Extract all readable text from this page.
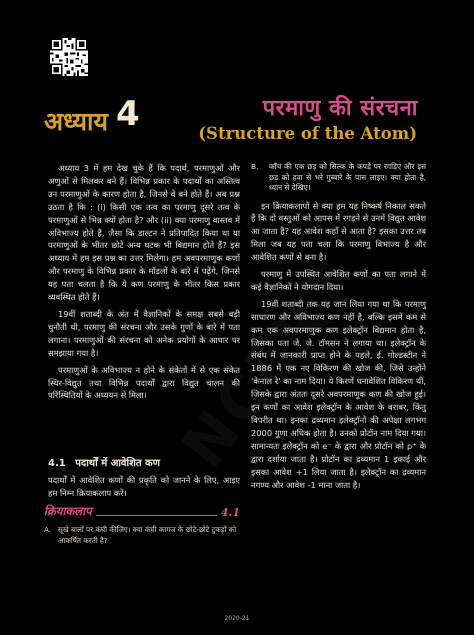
अध्याय 4	परमाणु की संरचना
(Structure of the Atom)

अध्याय 3 में हम देख चुके हैं कि पदार्थ, परमाणुओं और अणुओं से मिलकर बने हैं। विभिन्न प्रकार के पदार्थों का अस्तित्व उन परमाणुओं के कारण होता है, जिनसे वे बने होते हैं। अब प्रश्न उठता है कि : (i) किसी एक तत्व का परमाणु दूसरे तत्व के परमाणुओं से भिन्न क्यों होता है? और (ii) क्या परमाणु वास्तव में अविभाज्य होते हैं, जैसा कि डाल्टन ने प्रतिपादित किया था या परमाणुओं के भीतर छोटे अन्य घटक भी विद्यमान होते हैं? इस अध्याय में हम इस प्रश्न का उत्तर मिलेगा। हम अवपरमाणुक कणों और परमाणु के विभिन्न प्रकार के मॉडलों के बारे में पढ़ेंगे, जिनसे यह पता चलता है कि ये कण परमाणु के भीतर किस प्रकार व्यवस्थित होते हैं।

19वीं शताब्दी के अंत में वैज्ञानिकों के समक्ष सबसे बड़ी चुनौती थी, परमाणु की संरचना और उसके गुणों के बारे में पता लगाना। परमाणुओं की संरचना को अनेक प्रयोगों के आधार पर समझाया गया है।

परमाणुओं के अविभाज्य न होने के संकेतों में से एक संकेत स्थिर-विद्युत तथा विभिन्न पदार्थों द्वारा विद्युत चालन की परिस्थितियों के अध्ययन से मिला।

4.1 पदार्थों में आवेशित कण

पदार्थों में आवेशित कणों की प्रकृति को जानने के लिए, आइए हम निम्न क्रियाकलाप करें।

क्रियाकलाप	4.1
A. सूखे बालों पर कंघी कीजिए। क्या कंघी कागज के छोटे-छोटे टुकड़ों को आकर्षित करती है?
B.	काँच की एक छड़ को सिल्क के कपड़े पर रगड़िए और इस छड़ को हवा से भरे गुब्बारे के पास लाइए। क्या होता है, ध्यान से देखिए।

इन क्रियाकलापों से क्या हम यह निष्कर्ष निकाल सकते हैं कि दो वस्तुओं को आपस में रगड़ने से उनमें विद्युत आवेश आ जाता है? यह आवेश कहाँ से आता है? इसका उत्तर तब मिला जब यह पता चला कि परमाणु विभाज्य है और आवेशित कणों से बना है।

परमाणु में उपस्थित आवेशित कणों का पता लगाने में कई वैज्ञानिकों ने योगदान दिया।

19वीं शताब्दी तक यह जान लिया गया था कि परमाणु साधारण और अविभाज्य कण नहीं है, बल्कि इसमें कम से कम एक अवपरमाणुक कण इलेक्ट्रॉन विद्यमान होता है, जिसका पता जे. जे. टॉमसन ने लगाया था। इलेक्ट्रॉन के संबंध में जानकारी प्राप्त होने के पहले, ई. गोल्डस्टीन ने 1886 में एक नए विकिरण की खोज की, जिसे उन्होंने 'केनाल रे' का नाम दिया। ये किरणें धनावेशित विकिरण थीं, जिसके द्वारा अंततः दूसरे अवपरमाणुक कण की खोज हुई। इन कणों का आवेश इलेक्ट्रॉन के आवेश के बराबर, किंतु विपरीत था। इनका द्रव्यमान इलेक्ट्रॉनों की अपेक्षा लगभग 2000 गुणा अधिक होता है। उनको प्रोटॉन नाम दिया गया। सामान्यतः इलेक्ट्रॉन को e⁻ के द्वारा और प्रोटॉन को p⁺ के द्वारा दर्शाया जाता है। प्रोटॉन का द्रव्यमान 1 इकाई और इसका आवेश +1 लिया जाता है। इलेक्ट्रॉन का द्रव्यमान नगण्य और आवेश -1 माना जाता है।

2020-21
